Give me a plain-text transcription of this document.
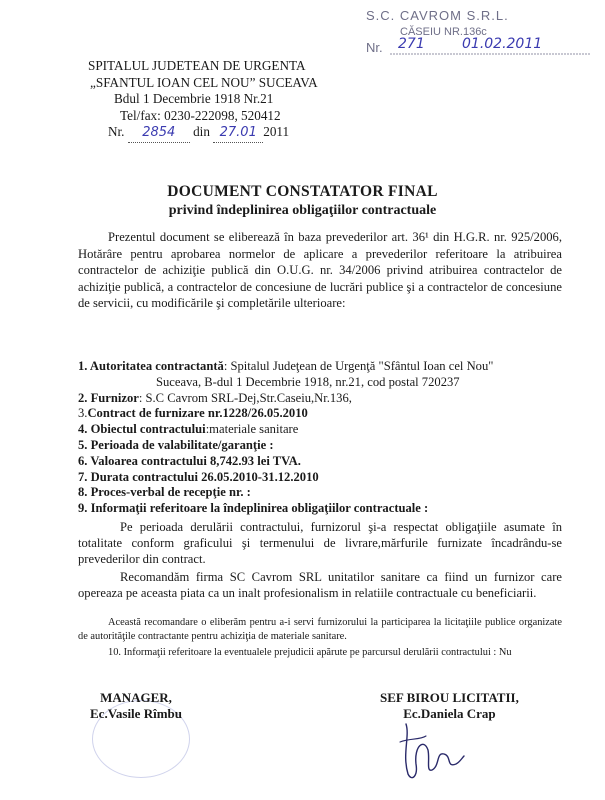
S.C. CAVROM S.R.L.
CĂSEIU NR.136c
Nr. 271	01.02.2011
SPITALUL JUDETEAN DE URGENTA
„SFANTUL IOAN CEL NOU” SUCEAVA
Bdul 1 Decembrie 1918 Nr.21
Tel/fax: 0230-222098, 520412
Nr. 2854 din 27.01 2011
DOCUMENT CONSTATATOR FINAL
privind îndeplinirea obligaţiilor contractuale

Prezentul document se eliberează în baza prevederilor art. 36¹ din H.G.R. nr. 925/2006, Hotărâre pentru aprobarea normelor de aplicare a prevederilor referitoare la atribuirea contractelor de achiziţie publică din O.U.G. nr. 34/2006 privind atribuirea contractelor de achiziţie publică, a contractelor de concesiune de lucrări publice şi a contractelor de concesiune de servicii, cu modificările şi completările ulterioare:

1. Autoritatea contractantă: Spitalul Judeţean de Urgenţă "Sfântul Ioan cel Nou"
Suceava, B-dul 1 Decembrie 1918, nr.21, cod postal 720237
2. Furnizor: S.C Cavrom SRL-Dej,Str.Caseiu,Nr.136,
3.Contract de furnizare nr.1228/26.05.2010
4. Obiectul contractului:materiale sanitare
5. Perioada de valabilitate/garanţie :
6. Valoarea contractului 8,742.93 lei TVA.
7. Durata contractului 26.05.2010-31.12.2010
8. Proces-verbal de recepţie nr. :
9. Informaţii referitoare la îndeplinirea obligaţiilor contractuale :

Pe perioada derulării contractului, furnizorul şi-a respectat obligaţiile asumate în totalitate conform graficului şi termenului de livrare,mărfurile furnizate încadrându-se prevederilor din contract.

Recomandăm firma SC Cavrom SRL unitatilor sanitare ca fiind un furnizor care opereaza pe aceasta piata ca un inalt profesionalism in relatiile contractuale cu beneficiarii.

Această recomandare o eliberăm pentru a-i servi furnizorului la participarea la licitaţiile publice organizate de autorităţile contractante pentru achiziţia de materiale sanitare.

10. Informaţii referitoare la eventualele prejudicii apărute pe parcursul derulării contractului : Nu

MANAGER,
Ec.Vasile Rîmbu
SEF BIROU LICITATII,
Ec.Daniela Crap
